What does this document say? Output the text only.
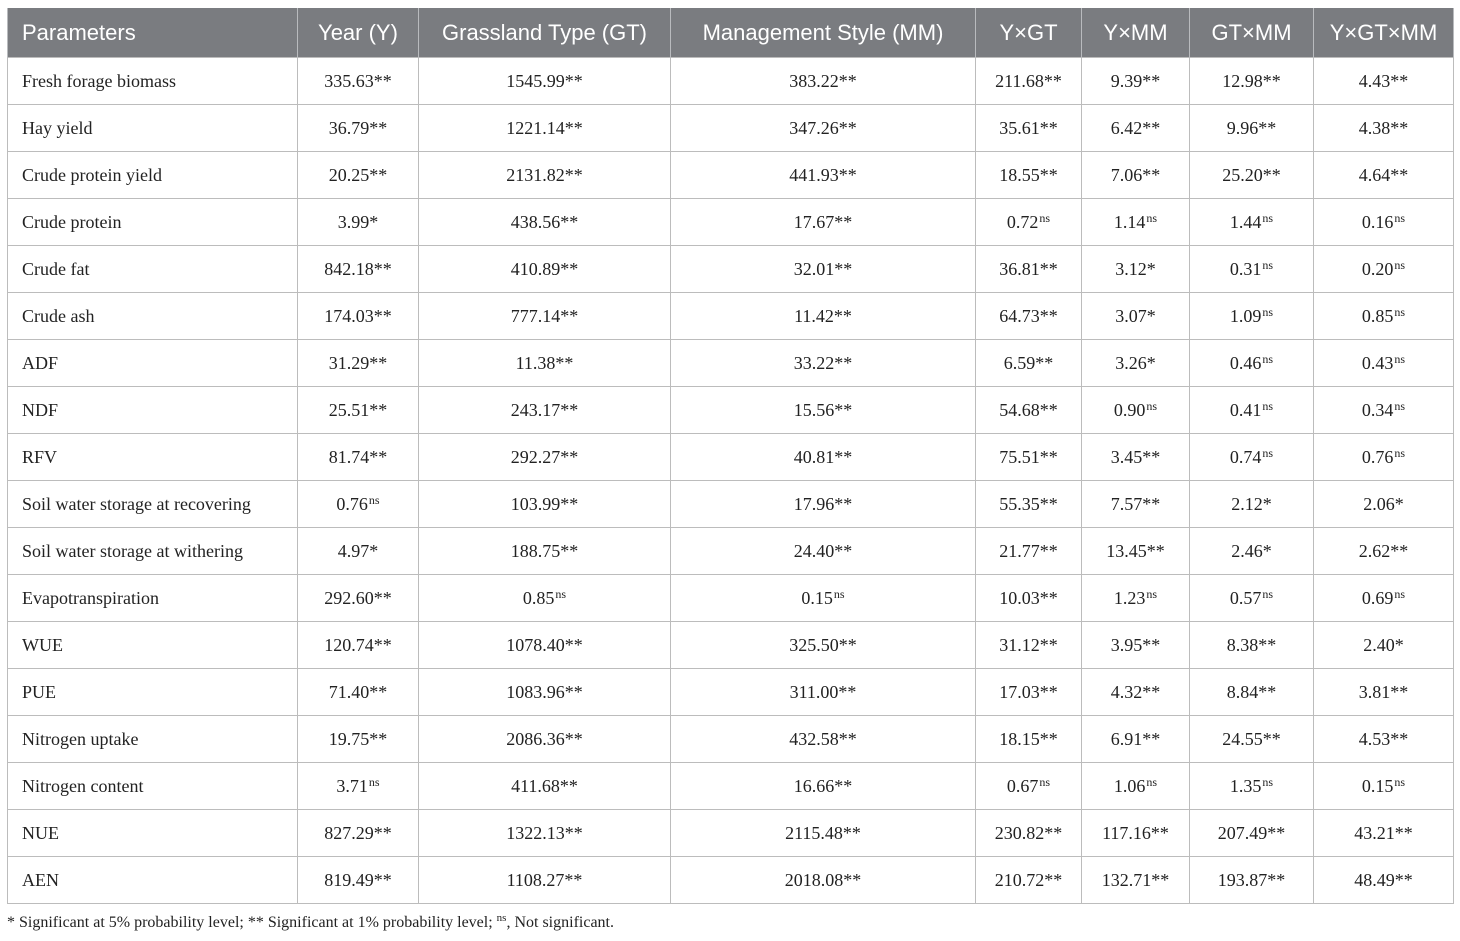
Parameters	Year (Y)	Grassland Type (GT)	Management Style (MM)	Y×GT	Y×MM	GT×MM	Y×GT×MM
Fresh forage biomass	335.63**	1545.99**	383.22**	211.68**	9.39**	12.98**	4.43**
Hay yield	36.79**	1221.14**	347.26**	35.61**	6.42**	9.96**	4.38**
Crude protein yield	20.25**	2131.82**	441.93**	18.55**	7.06**	25.20**	4.64**
Crude protein	3.99*	438.56**	17.67**	$0.72^{ns}$	$1.14^{ns}$	$1.44^{ns}$	$0.16^{ns}$
Crude fat	842.18**	410.89**	32.01**	36.81**	3.12*	$0.31^{ns}$	$0.20^{ns}$
Crude ash	174.03**	777.14**	11.42**	64.73**	3.07*	$1.09^{ns}$	$0.85^{ns}$
ADF	31.29**	11.38**	33.22**	6.59**	3.26*	$0.46^{ns}$	$0.43^{ns}$
NDF	25.51**	243.17**	15.56**	54.68**	$0.90^{ns}$	$0.41^{ns}$	$0.34^{ns}$
RFV	81.74**	292.27**	40.81**	75.51**	3.45**	$0.74^{ns}$	$0.76^{ns}$
Soil water storage at recovering	$0.76^{ns}$	103.99**	17.96**	55.35**	7.57**	2.12*	2.06*
Soil water storage at withering	4.97*	188.75**	24.40**	21.77**	13.45**	2.46*	2.62**
Evapotranspiration	292.60**	$0.85^{ns}$	$0.15^{ns}$	10.03**	$1.23^{ns}$	$0.57^{ns}$	$0.69^{ns}$
WUE	120.74**	1078.40**	325.50**	31.12**	3.95**	8.38**	2.40*
PUE	71.40**	1083.96**	311.00**	17.03**	4.32**	8.84**	3.81**
Nitrogen uptake	19.75**	2086.36**	432.58**	18.15**	6.91**	24.55**	4.53**
Nitrogen content	$3.71^{ns}$	411.68**	16.66**	$0.67^{ns}$	$1.06^{ns}$	$1.35^{ns}$	$0.15^{ns}$
NUE	827.29**	1322.13**	2115.48**	230.82**	117.16**	207.49**	43.21**
AEN	819.49**	1108.27**	2018.08**	210.72**	132.71**	193.87**	48.49**
* Significant at 5% probability level; ** Significant at 1% probability level; $^{ns}$, Not significant.
